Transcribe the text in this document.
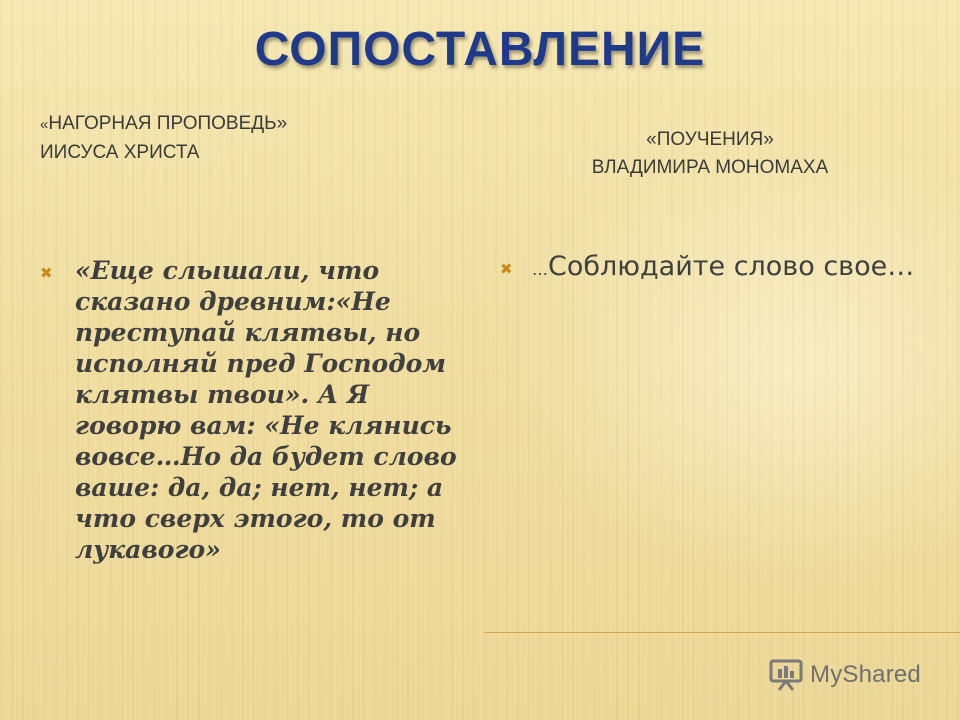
СОПОСТАВЛЕНИЕ
«НАГОРНАЯ ПРОПОВЕДЬ»
ИИСУСА ХРИСТА
«ПОУЧЕНИЯ»
ВЛАДИМИРА МОНОМАХА
✖ «Еще слышали, что сказано древним:«Не преступай клятвы, но исполняй пред Господом клятвы твои». А Я говорю вам: «Не клянись вовсе…Но да будет слово ваше: да, да; нет, нет; а что сверх этого, то от лукавого»

✖ …Соблюдайте слово свое…

MyShared
